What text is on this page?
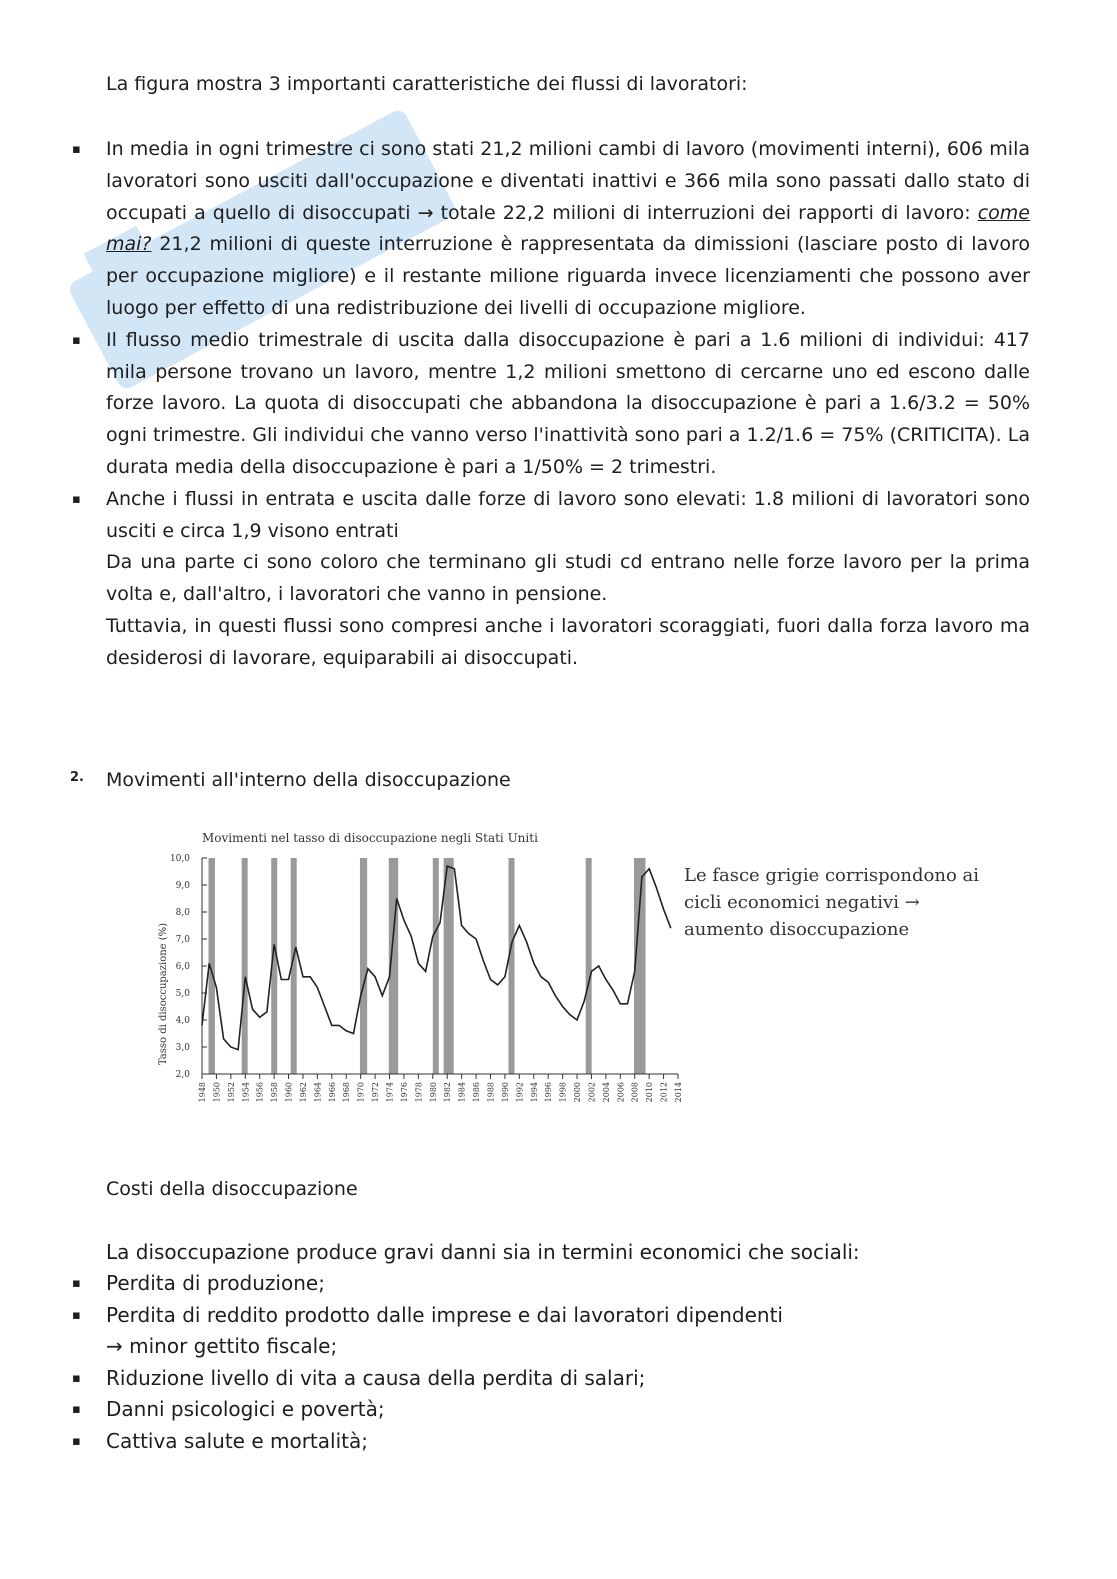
La figura mostra 3 importanti caratteristiche dei flussi di lavoratori:
▪ In media in ogni trimestre ci sono stati 21,2 milioni cambi di lavoro (movimenti interni), 606 mila lavoratori sono usciti dall'occupazione e diventati inattivi e 366 mila sono passati dallo stato di occupati a quello di disoccupati → totale 22,2 milioni di interruzioni dei rapporti di lavoro: come mai? 21,2 milioni di queste interruzione è rappresentata da dimissioni (lasciare posto di lavoro per occupazione migliore) e il restante milione riguarda invece licenziamenti che possono aver luogo per effetto di una redistribuzione dei livelli di occupazione migliore.
▪ Il flusso medio trimestrale di uscita dalla disoccupazione è pari a 1.6 milioni di individui: 417 mila persone trovano un lavoro, mentre 1,2 milioni smettono di cercarne uno ed escono dalle forze lavoro. La quota di disoccupati che abbandona la disoccupazione è pari a 1.6/3.2 = 50% ogni trimestre. Gli individui che vanno verso l'inattività sono pari a 1.2/1.6 = 75% (CRITICITA). La durata media della disoccupazione è pari a 1/50% = 2 trimestri.
▪ Anche i flussi in entrata e uscita dalle forze di lavoro sono elevati: 1.8 milioni di lavoratori sono usciti e circa 1,9 visono entrati

Da una parte ci sono coloro che terminano gli studi cd entrano nelle forze lavoro per la prima volta e, dall'altro, i lavoratori che vanno in pensione.

Tuttavia, in questi flussi sono compresi anche i lavoratori scoraggiati, fuori dalla forza lavoro ma desiderosi di lavorare, equiparabili ai disoccupati.

2. Movimenti all'interno della disoccupazione
Movimenti nel tasso di disoccupazione negli Stati Uniti
Tasso di disoccupazione (%)
2,0
3,0
4,0
5,0
6,0
7,0
8,0
9,0
10,0
1948 1950 1952 1954 1956 1958 1960 1962 1964 1966 1968 1970 1972 1974 1976 1978 1980 1982 1984 1986 1988 1990 1992 1994 1996 1998 2000 2002 2004 2006 2008 2010 2012 2014
Le fasce grigie corrispondono ai cicli economici negativi → aumento disoccupazione
Costi della disoccupazione
La disoccupazione produce gravi danni sia in termini economici che sociali:
▪ Perdita di produzione;
▪ Perdita di reddito prodotto dalle imprese e dai lavoratori dipendenti
→ minor gettito fiscale;
▪ Riduzione livello di vita a causa della perdita di salari;
▪ Danni psicologici e povertà;
▪ Cattiva salute e mortalità;
